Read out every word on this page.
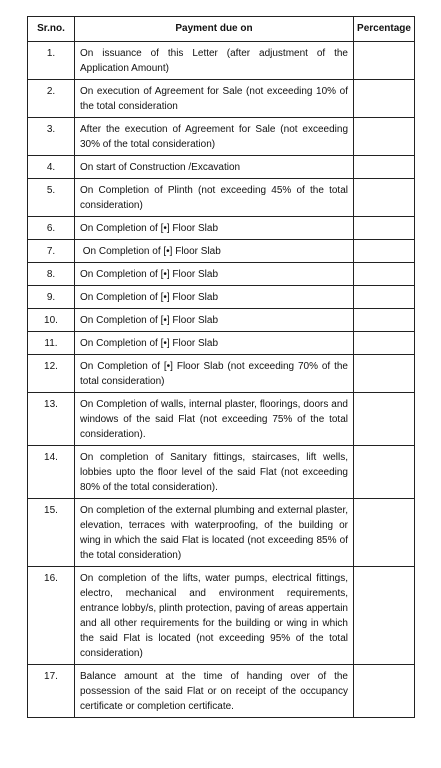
Sr.no.	Payment due on	Percentage
1.	On issuance of this Letter (after adjustment of the Application Amount)	
2.	On execution of Agreement for Sale (not exceeding 10% of the total consideration	
3.	After the execution of Agreement for Sale (not exceeding 30% of the total consideration)	
4.	On start of Construction /Excavation	
5.	On Completion of Plinth (not exceeding 45% of the total consideration)	
6.	On Completion of [•] Floor Slab	
7.	On Completion of [•] Floor Slab	
8.	On Completion of [•] Floor Slab	
9.	On Completion of [•] Floor Slab	
10.	On Completion of [•] Floor Slab	
11.	On Completion of [•] Floor Slab	
12.	On Completion of [•] Floor Slab (not exceeding 70% of the total consideration)	
13.	On Completion of walls, internal plaster, floorings, doors and windows of the said Flat (not exceeding 75% of the total consideration).	
14.	On completion of Sanitary fittings, staircases, lift wells, lobbies upto the floor level of the said Flat (not exceeding 80% of the total consideration).	
15.	On completion of the external plumbing and external plaster, elevation, terraces with waterproofing, of the building or wing in which the said Flat is located (not exceeding 85% of the total consideration)	
16.	On completion of the lifts, water pumps, electrical fittings, electro, mechanical and environment requirements, entrance lobby/s, plinth protection, paving of areas appertain and all other requirements for the building or wing in which the said Flat is located (not exceeding 95% of the total consideration)	
17.	Balance amount at the time of handing over of the possession of the said Flat or on receipt of the occupancy certificate or completion certificate.	
